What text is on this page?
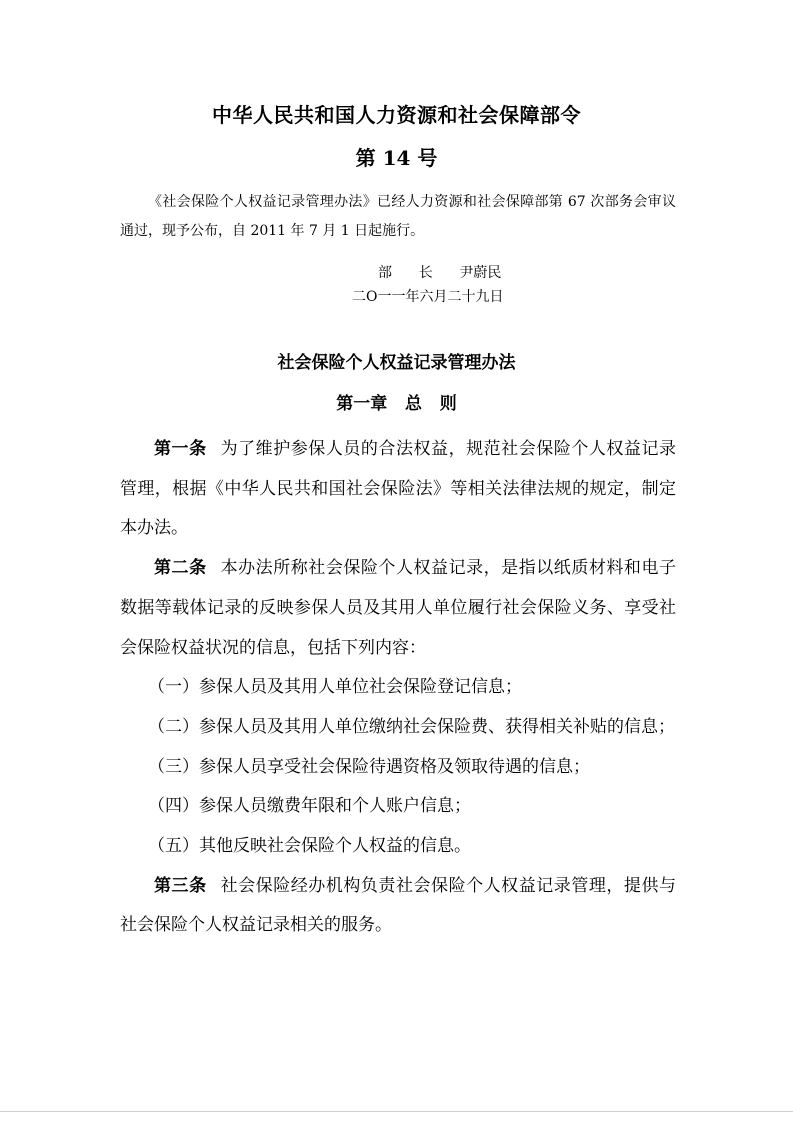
中华人民共和国人力资源和社会保障部令
第 14 号

《社会保险个人权益记录管理办法》已经人力资源和社会保障部第 67 次部务会审议通过，现予公布，自 2011 年 7 月 1 日起施行。

部      长      尹蔚民
二O一一年六月二十九日
社会保险个人权益记录管理办法
第一章   总   则

第一条 为了维护参保人员的合法权益，规范社会保险个人权益记录管理，根据《中华人民共和国社会保险法》等相关法律法规的规定，制定本办法。

第二条 本办法所称社会保险个人权益记录，是指以纸质材料和电子数据等载体记录的反映参保人员及其用人单位履行社会保险义务、享受社会保险权益状况的信息，包括下列内容：

（一）参保人员及其用人单位社会保险登记信息；

（二）参保人员及其用人单位缴纳社会保险费、获得相关补贴的信息；

（三）参保人员享受社会保险待遇资格及领取待遇的信息；

（四）参保人员缴费年限和个人账户信息；

（五）其他反映社会保险个人权益的信息。

第三条 社会保险经办机构负责社会保险个人权益记录管理，提供与社会保险个人权益记录相关的服务。
